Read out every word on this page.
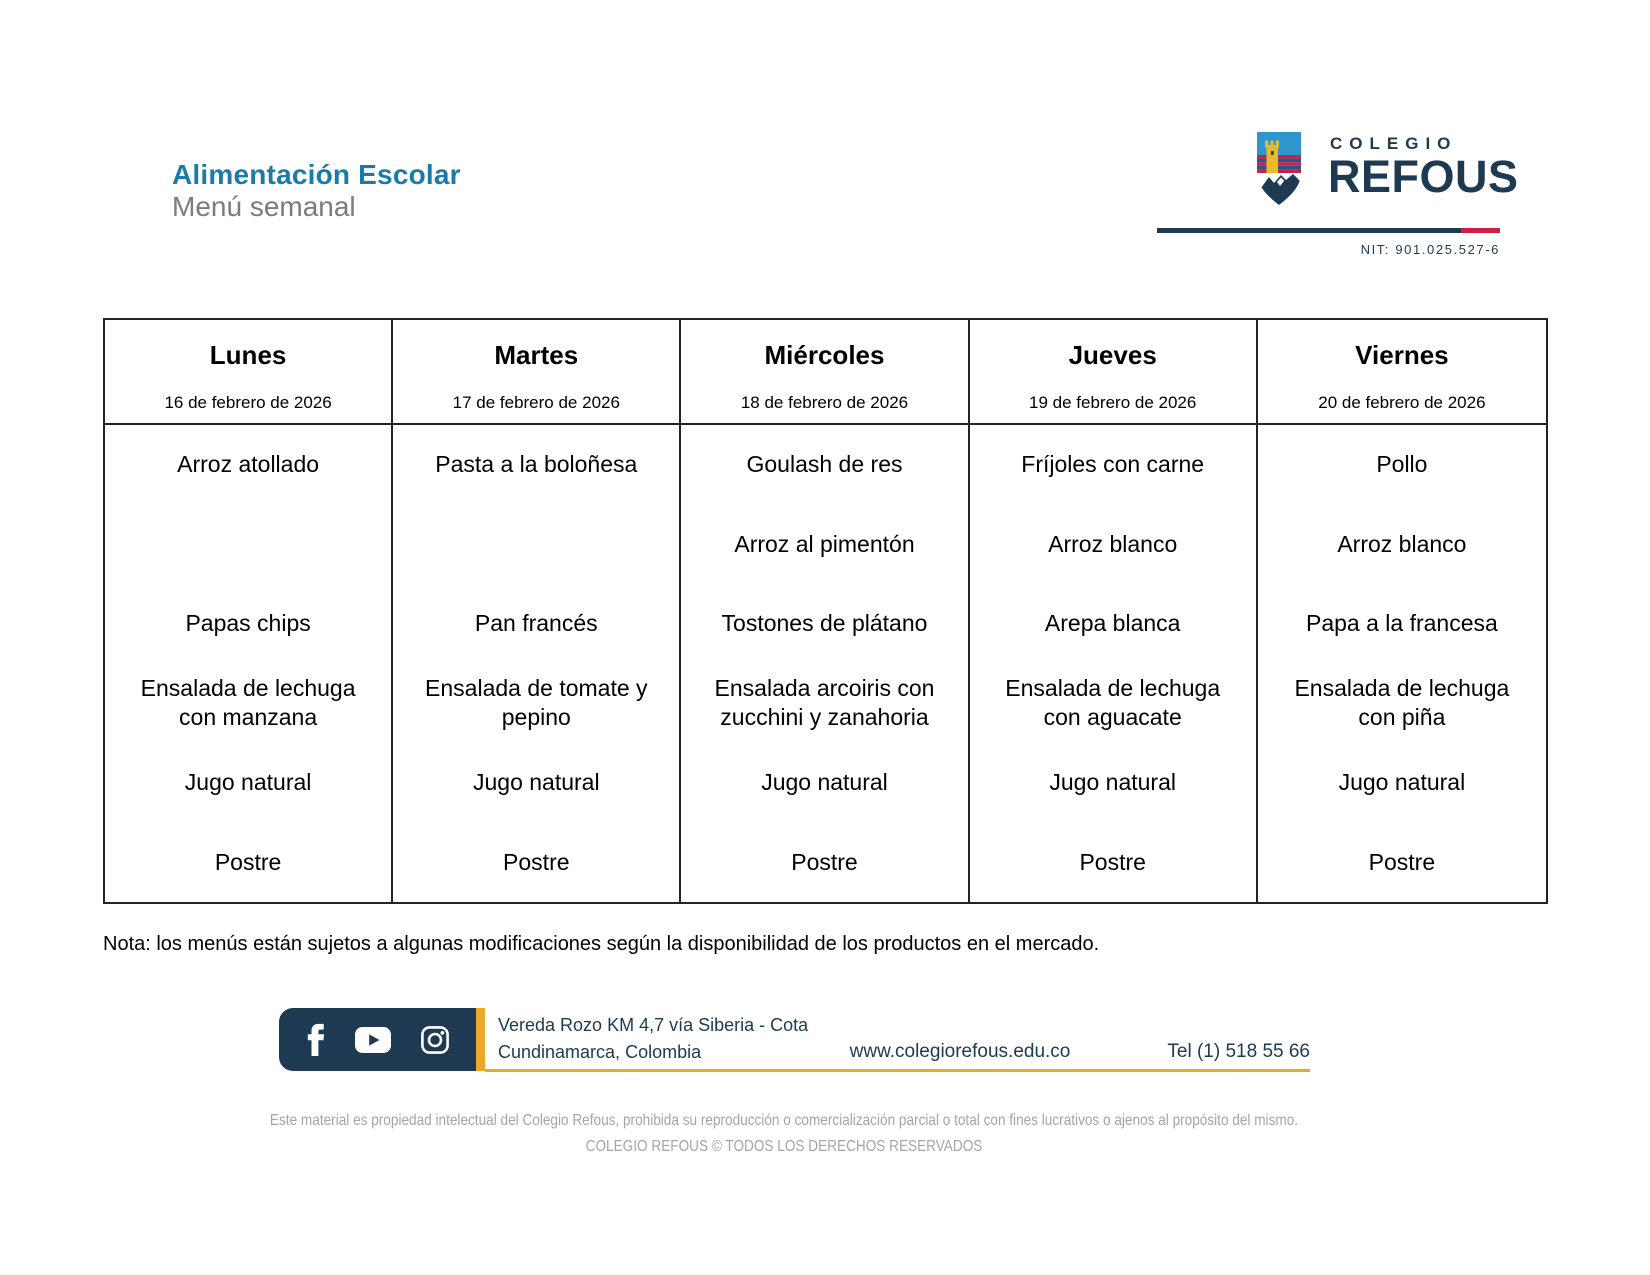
Alimentación Escolar
Menú semanal
COLEGIO
REFOUS
NIT: 901.025.527-6
Lunes
16 de febrero de 2026
Arroz atollado
Papas chips
Ensalada de lechuga con manzana
Jugo natural
Postre
Martes
17 de febrero de 2026
Pasta a la boloñesa
Pan francés
Ensalada de tomate y pepino
Jugo natural
Postre
Miércoles
18 de febrero de 2026
Goulash de res
Arroz al pimentón
Tostones de plátano
Ensalada arcoiris con zucchini y zanahoria
Jugo natural
Postre
Jueves
19 de febrero de 2026
Fríjoles con carne
Arroz blanco
Arepa blanca
Ensalada de lechuga con aguacate
Jugo natural
Postre
Viernes
20 de febrero de 2026
Pollo
Arroz blanco
Papa a la francesa
Ensalada de lechuga con piña
Jugo natural
Postre
Nota: los menús están sujetos a algunas modificaciones según la disponibilidad de los productos en el mercado.
Vereda Rozo KM 4,7 vía Siberia - Cota
Cundinamarca, Colombia	www.colegiorefous.edu.co	Tel (1) 518 55 66
Este material es propiedad intelectual del Colegio Refous, prohibida su reproducción o comercialización parcial o total con fines lucrativos o ajenos al propósito del mismo.
COLEGIO REFOUS © TODOS LOS DERECHOS RESERVADOS
